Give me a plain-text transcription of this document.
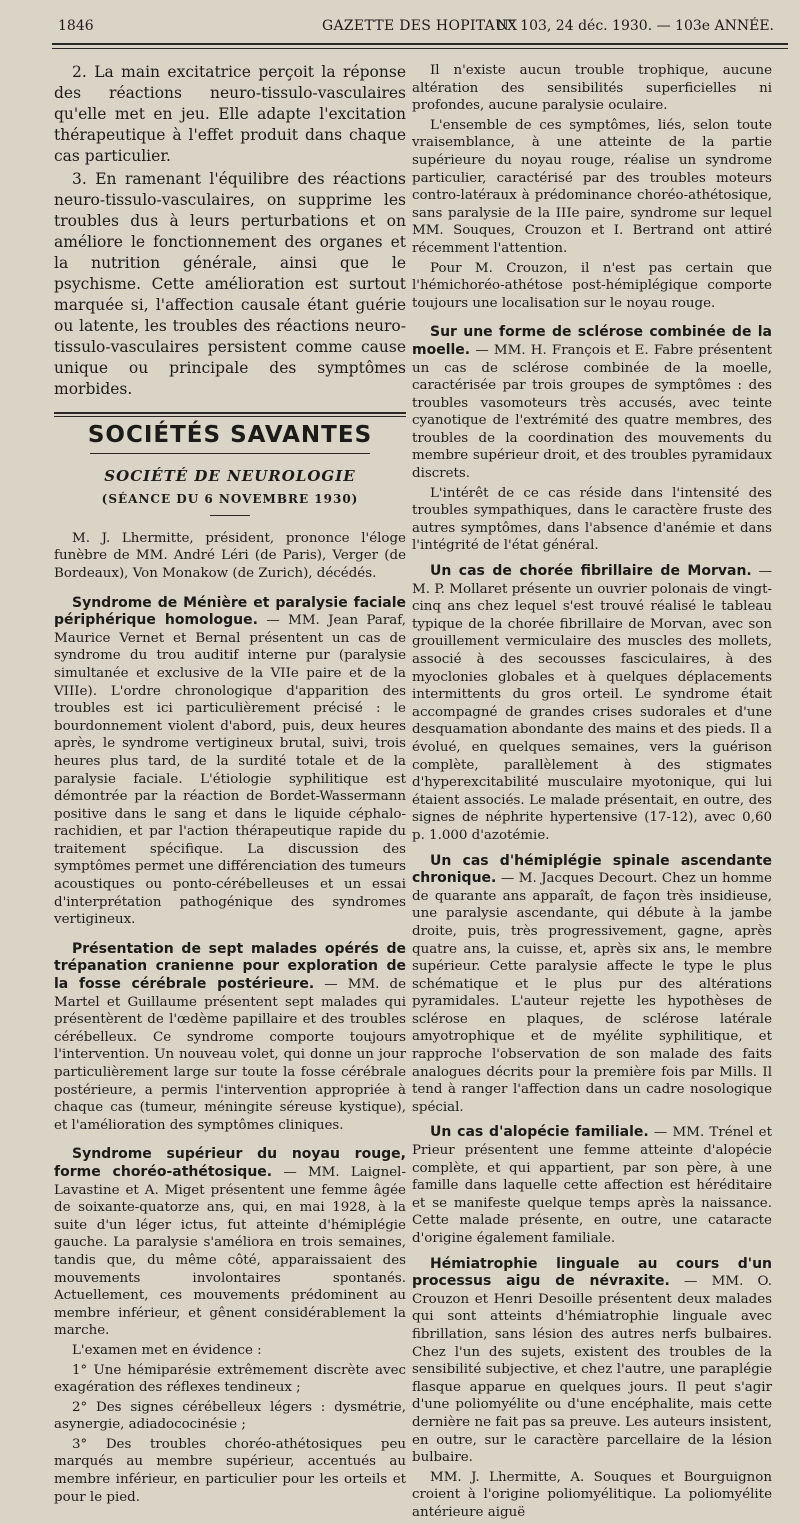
1846	GAZETTE DES HOPITAUX
N° 103, 24 déc. 1930. — 103e ANNÉE.

2. La main excitatrice perçoit la réponse des réactions neuro-tissulo-vasculaires qu'elle met en jeu. Elle adapte l'excitation thérapeutique à l'effet produit dans chaque cas particulier.

3. En ramenant l'équilibre des réactions neuro-tissulo-vasculaires, on supprime les troubles dus à leurs perturbations et on améliore le fonctionnement des organes et la nutrition générale, ainsi que le psychisme. Cette amélioration est surtout marquée si, l'affection causale étant guérie ou latente, les troubles des réactions neuro-tissulo-vasculaires persistent comme cause unique ou principale des symptômes morbides.

SOCIÉTÉS SAVANTES
SOCIÉTÉ DE NEUROLOGIE
(SÉANCE DU 6 NOVEMBRE 1930)

M. J. Lhermitte, président, prononce l'éloge funèbre de MM. André Léri (de Paris), Verger (de Bordeaux), Von Monakow (de Zurich), décédés.

Syndrome de Ménière et paralysie faciale périphérique homologue. — MM. Jean Paraf, Maurice Vernet et Bernal présentent un cas de syndrome du trou auditif interne pur (paralysie simultanée et exclusive de la VIIe paire et de la VIIIe). L'ordre chronologique d'apparition des troubles est ici particulièrement précisé : le bourdonnement violent d'abord, puis, deux heures après, le syndrome vertigineux brutal, suivi, trois heures plus tard, de la surdité totale et de la paralysie faciale. L'étiologie syphilitique est démontrée par la réaction de Bordet-Wassermann positive dans le sang et dans le liquide céphalo-rachidien, et par l'action thérapeutique rapide du traitement spécifique. La discussion des symptômes permet une différenciation des tumeurs acoustiques ou ponto-cérébelleuses et un essai d'interprétation pathogénique des syndromes vertigineux.

Présentation de sept malades opérés de trépanation cranienne pour exploration de la fosse cérébrale postérieure. — MM. de Martel et Guillaume présentent sept malades qui présentèrent de l'œdème papillaire et des troubles cérébelleux. Ce syndrome comporte toujours l'intervention. Un nouveau volet, qui donne un jour particulièrement large sur toute la fosse cérébrale postérieure, a permis l'intervention appropriée à chaque cas (tumeur, méningite séreuse kystique), et l'amélioration des symptômes cliniques.

Syndrome supérieur du noyau rouge, forme choréo-athétosique. — MM. Laignel-Lavastine et A. Miget présentent une femme âgée de soixante-quatorze ans, qui, en mai 1928, à la suite d'un léger ictus, fut atteinte d'hémiplégie gauche. La paralysie s'améliora en trois semaines, tandis que, du même côté, apparaissaient des mouvements involontaires spontanés. Actuellement, ces mouvements prédominent au membre inférieur, et gênent considérablement la marche.

L'examen met en évidence :

1° Une hémiparésie extrêmement discrète avec exagération des réflexes tendineux ;

2° Des signes cérébelleux légers : dysmétrie, asynergie, adiadococinésie ;

3° Des troubles choréo-athétosiques peu marqués au membre supérieur, accentués au membre inférieur, en particulier pour les orteils et pour le pied.

Il n'existe aucun trouble trophique, aucune altération des sensibilités superficielles ni profondes, aucune paralysie oculaire.

L'ensemble de ces symptômes, liés, selon toute vraisemblance, à une atteinte de la partie supérieure du noyau rouge, réalise un syndrome particulier, caractérisé par des troubles moteurs contro-latéraux à prédominance choréo-athétosique, sans paralysie de la IIIe paire, syndrome sur lequel MM. Souques, Crouzon et I. Bertrand ont attiré récemment l'attention.

Pour M. Crouzon, il n'est pas certain que l'hémichoréo-athétose post-hémiplégique comporte toujours une localisation sur le noyau rouge.

Sur une forme de sclérose combinée de la moelle. — MM. H. François et E. Fabre présentent un cas de sclérose combinée de la moelle, caractérisée par trois groupes de symptômes : des troubles vasomoteurs très accusés, avec teinte cyanotique de l'extrémité des quatre membres, des troubles de la coordination des mouvements du membre supérieur droit, et des troubles pyramidaux discrets.

L'intérêt de ce cas réside dans l'intensité des troubles sympathiques, dans le caractère fruste des autres symptômes, dans l'absence d'anémie et dans l'intégrité de l'état général.

Un cas de chorée fibrillaire de Morvan. — M. P. Mollaret présente un ouvrier polonais de vingt-cinq ans chez lequel s'est trouvé réalisé le tableau typique de la chorée fibrillaire de Morvan, avec son grouillement vermiculaire des muscles des mollets, associé à des secousses fasciculaires, à des myoclonies globales et à quelques déplacements intermittents du gros orteil. Le syndrome était accompagné de grandes crises sudorales et d'une desquamation abondante des mains et des pieds. Il a évolué, en quelques semaines, vers la guérison complète, parallèlement à des stigmates d'hyperexcitabilité musculaire myotonique, qui lui étaient associés. Le malade présentait, en outre, des signes de néphrite hypertensive (17-12), avec 0,60 p. 1.000 d'azotémie.

Un cas d'hémiplégie spinale ascendante chronique. — M. Jacques Decourt. Chez un homme de quarante ans apparaît, de façon très insidieuse, une paralysie ascendante, qui débute à la jambe droite, puis, très progressivement, gagne, après quatre ans, la cuisse, et, après six ans, le membre supérieur. Cette paralysie affecte le type le plus schématique et le plus pur des altérations pyramidales. L'auteur rejette les hypothèses de sclérose en plaques, de sclérose latérale amyotrophique et de myélite syphilitique, et rapproche l'observation de son malade des faits analogues décrits pour la première fois par Mills. Il tend à ranger l'affection dans un cadre nosologique spécial.

Un cas d'alopécie familiale. — MM. Trénel et Prieur présentent une femme atteinte d'alopécie complète, et qui appartient, par son père, à une famille dans laquelle cette affection est héréditaire et se manifeste quelque temps après la naissance. Cette malade présente, en outre, une cataracte d'origine également familiale.

Hémiatrophie linguale au cours d'un processus aigu de névraxite. — MM. O. Crouzon et Henri Desoille présentent deux malades qui sont atteints d'hémiatrophie linguale avec fibrillation, sans lésion des autres nerfs bulbaires. Chez l'un des sujets, existent des troubles de la sensibilité subjective, et chez l'autre, une paraplégie flasque apparue en quelques jours. Il peut s'agir d'une poliomyélite ou d'une encéphalite, mais cette dernière ne fait pas sa preuve. Les auteurs insistent, en outre, sur le caractère parcellaire de la lésion bulbaire.

MM. J. Lhermitte, A. Souques et Bourguignon croient à l'origine poliomyélitique. La poliomyélite antérieure aiguë
